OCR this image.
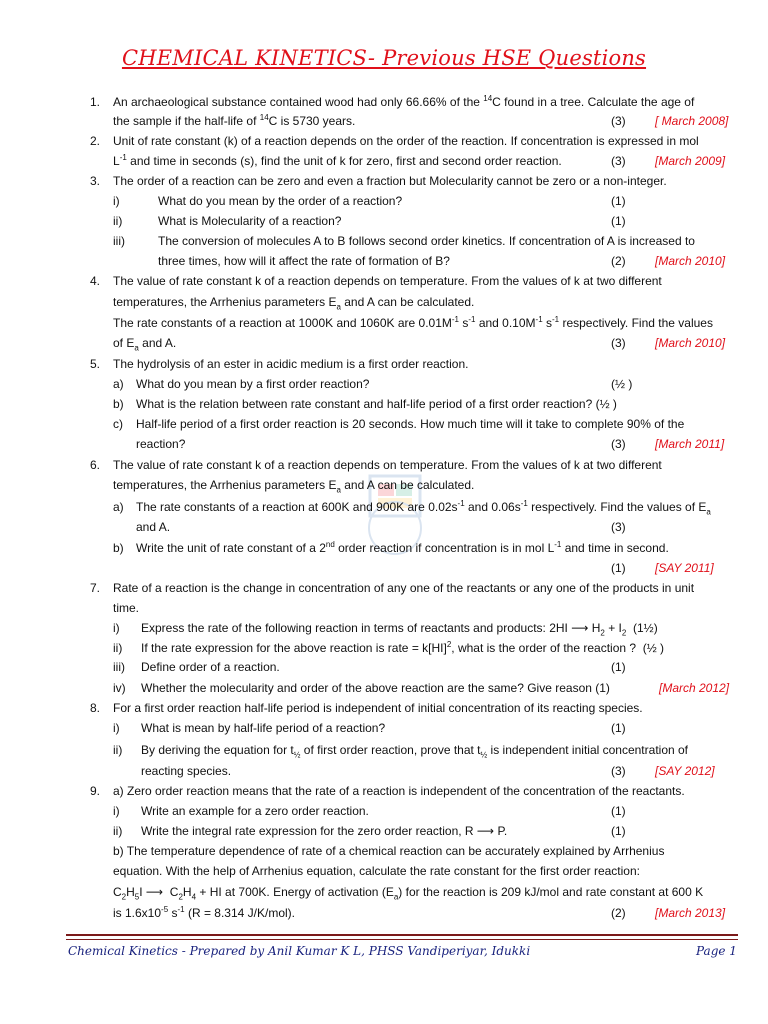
CHEMICAL KINETICS- Previous HSE Questions
1. An archaeological substance contained wood had only 66.66% of the $^{14}$C found in a tree. Calculate the age of
the sample if the half-life of $^{14}$C is 5730 years.	(3) [ March 2008]
2. Unit of rate constant (k) of a reaction depends on the order of the reaction. If concentration is expressed in mol
$L^{-1}$ and time in seconds (s), find the unit of k for zero, first and second order reaction.	(3) [March 2009]
3. The order of a reaction can be zero and even a fraction but Molecularity cannot be zero or a non-integer.
i)	What do you mean by the order of a reaction?	(1)
ii)	What is Molecularity of a reaction?	(1)
iii)	The conversion of molecules A to B follows second order kinetics. If concentration of A is increased to
three times, how will it affect the rate of formation of B?	(2) [March 2010]
4. The value of rate constant k of a reaction depends on temperature. From the values of k at two different
temperatures, the Arrhenius parameters $E_a$ and A can be calculated.
The rate constants of a reaction at 1000K and 1060K are $0.01M^{-1}$ $s^{-1}$ and $0.10M^{-1}$ $s^{-1}$ respectively. Find the values
of $E_a$ and A.	(3) [March 2010]
5. The hydrolysis of an ester in acidic medium is a first order reaction.
a) What do you mean by a first order reaction?	(½ )
b) What is the relation between rate constant and half-life period of a first order reaction? (½ )
c) Half-life period of a first order reaction is 20 seconds. How much time will it take to complete 90% of the
reaction?	(3) [March 2011]
6. The value of rate constant k of a reaction depends on temperature. From the values of k at two different
temperatures, the Arrhenius parameters $E_a$ and A can be calculated.
a) The rate constants of a reaction at 600K and 900K are $0.02s^{-1}$ and $0.06s^{-1}$ respectively. Find the values of $E_a$
and A.	(3)
b) Write the unit of rate constant of a 2nd order reaction if concentration is in mol $L^{-1}$ and time in second.
(1) [SAY 2011]
7. Rate of a reaction is the change in concentration of any one of the reactants or any one of the products in unit
time.
i) Express the rate of the following reaction in terms of reactants and products: 2HI ⟶ $H_2 + I_2$  (1½)
ii) If the rate expression for the above reaction is rate = k[HI]$^2$, what is the order of the reaction ?  (½ )
iii) Define order of a reaction.	(1)
iv) Whether the molecularity and order of the above reaction are the same? Give reason (1)	[March 2012]
8. For a first order reaction half-life period is independent of initial concentration of its reacting species.
i) What is mean by half-life period of a reaction?	(1)
ii) By deriving the equation for $t_{\frac{1}{2}}$ of first order reaction, prove that $t_{\frac{1}{2}}$ is independent initial concentration of
reacting species.	(3) [SAY 2012]
9. a) Zero order reaction means that the rate of a reaction is independent of the concentration of the reactants.
i) Write an example for a zero order reaction.	(1)
ii) Write the integral rate expression for the zero order reaction, R ⟶ P.	(1)
b) The temperature dependence of rate of a chemical reaction can be accurately explained by Arrhenius
equation. With the help of Arrhenius equation, calculate the rate constant for the first order reaction:
$C_2H_5I$ ⟶  $C_2H_4$ + HI at 700K. Energy of activation $(E_a)$ for the reaction is 209 kJ/mol and rate constant at 600 K
is $1.6x10^{-5}$ $s^{-1}$ (R = 8.314 J/K/mol).	(2) [March 2013]
Chemical Kinetics - Prepared by Anil Kumar K L, PHSS Vandiperiyar, Idukki	Page 1
